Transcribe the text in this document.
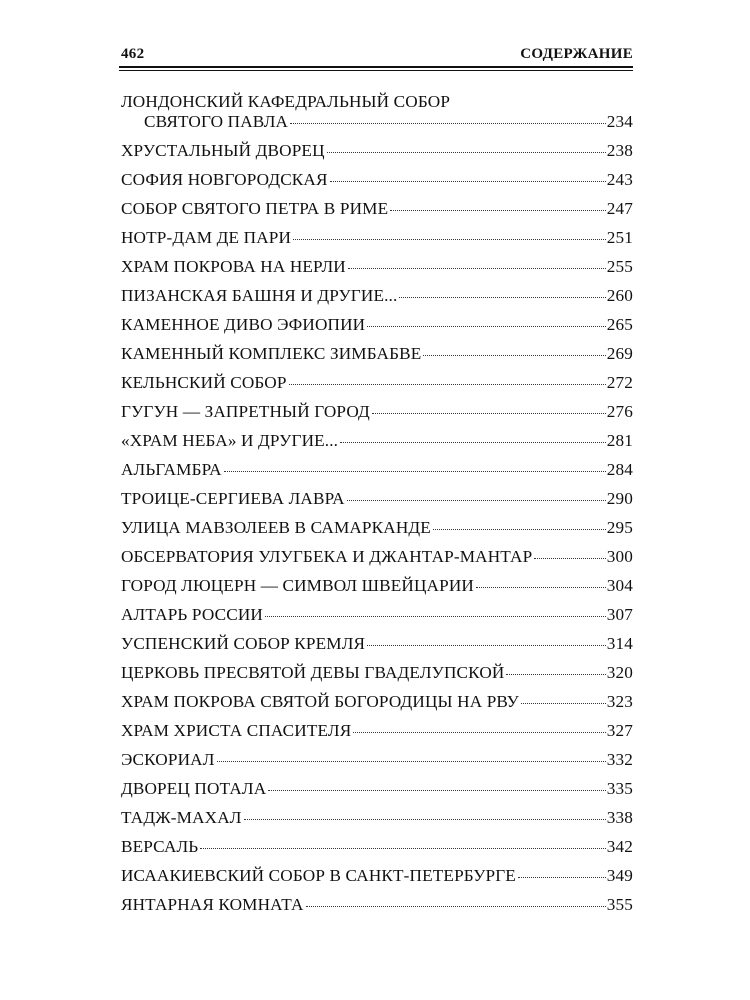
462	СОДЕРЖАНИЕ
ЛОНДОНСКИЙ КАФЕДРАЛЬНЫЙ СОБОР
СВЯТОГО ПАВЛА	234
ХРУСТАЛЬНЫЙ ДВОРЕЦ	238
СОФИЯ НОВГОРОДСКАЯ	243
СОБОР СВЯТОГО ПЕТРА В РИМЕ	247
НОТР-ДАМ ДЕ ПАРИ	251
ХРАМ ПОКРОВА НА НЕРЛИ	255
ПИЗАНСКАЯ БАШНЯ И ДРУГИЕ...	260
КАМЕННОЕ ДИВО ЭФИОПИИ	265
КАМЕННЫЙ КОМПЛЕКС ЗИМБАБВЕ	269
КЕЛЬНСКИЙ СОБОР	272
ГУГУН — ЗАПРЕТНЫЙ ГОРОД	276
«ХРАМ НЕБА» И ДРУГИЕ...	281
АЛЬГАМБРА	284
ТРОИЦЕ-СЕРГИЕВА ЛАВРА	290
УЛИЦА МАВЗОЛЕЕВ В САМАРКАНДЕ	295
ОБСЕРВАТОРИЯ УЛУГБЕКА И ДЖАНТАР-МАНТАР	300
ГОРОД ЛЮЦЕРН — СИМВОЛ ШВЕЙЦАРИИ	304
АЛТАРЬ РОССИИ	307
УСПЕНСКИЙ СОБОР КРЕМЛЯ	314
ЦЕРКОВЬ ПРЕСВЯТОЙ ДЕВЫ ГВАДЕЛУПСКОЙ	320
ХРАМ ПОКРОВА СВЯТОЙ БОГОРОДИЦЫ НА РВУ	323
ХРАМ ХРИСТА СПАСИТЕЛЯ	327
ЭСКОРИАЛ	332
ДВОРЕЦ ПОТАЛА	335
ТАДЖ-МАХАЛ	338
ВЕРСАЛЬ	342
ИСААКИЕВСКИЙ СОБОР В САНКТ-ПЕТЕРБУРГЕ	349
ЯНТАРНАЯ КОМНАТА	355
